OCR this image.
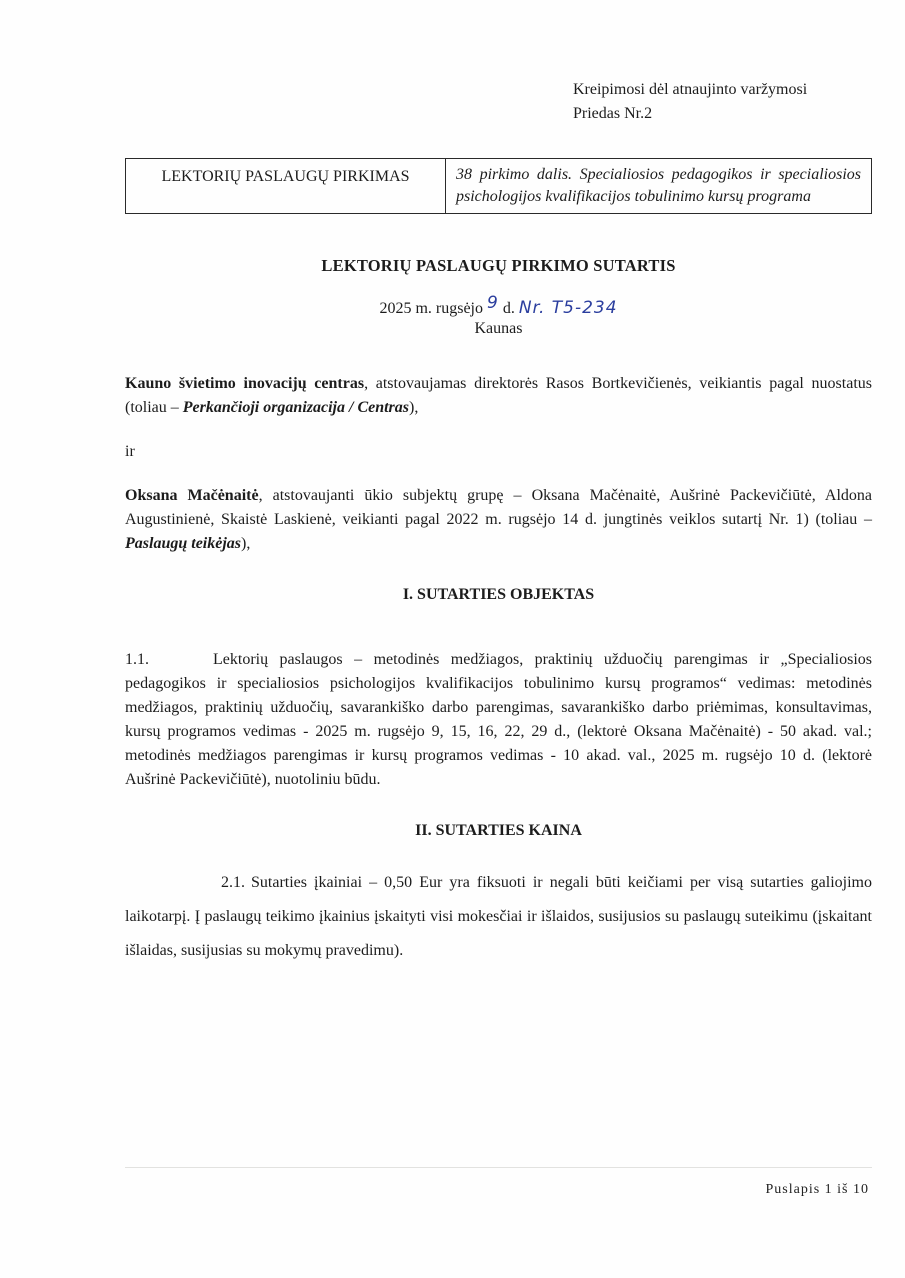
Kreipimosi dėl atnaujinto varžymosi
Priedas Nr.2
LEKTORIŲ PASLAUGŲ PIRKIMAS	38 pirkimo dalis. Specialiosios pedagogikos ir specialiosios psichologijos kvalifikacijos tobulinimo kursų programa
LEKTORIŲ PASLAUGŲ PIRKIMO SUTARTIS
2025 m. rugsėjo 9 d. Nr. T5-234
Kaunas

Kauno švietimo inovacijų centras, atstovaujamas direktorės Rasos Bortkevičienės, veikiantis pagal nuostatus (toliau – Perkančioji organizacija / Centras),

ir

Oksana Mačėnaitė, atstovaujanti ūkio subjektų grupę – Oksana Mačėnaitė, Aušrinė Packevičiūtė, Aldona Augustinienė, Skaistė Laskienė, veikianti pagal 2022 m. rugsėjo 14 d. jungtinės veiklos sutartį Nr. 1) (toliau – Paslaugų teikėjas),

I. SUTARTIES OBJEKTAS

1.1.	Lektorių paslaugos – metodinės medžiagos, praktinių užduočių parengimas ir „Specialiosios pedagogikos ir specialiosios psichologijos kvalifikacijos tobulinimo kursų programos“ vedimas: metodinės medžiagos, praktinių užduočių, savarankiško darbo parengimas, savarankiško darbo priėmimas, konsultavimas, kursų programos vedimas - 2025 m. rugsėjo 9, 15, 16, 22, 29 d., (lektorė Oksana Mačėnaitė) - 50 akad. val.; metodinės medžiagos parengimas ir kursų programos vedimas - 10 akad. val., 2025 m. rugsėjo 10 d. (lektorė Aušrinė Packevičiūtė), nuotoliniu būdu.

II. SUTARTIES KAINA

2.1. Sutarties įkainiai – 0,50 Eur yra fiksuoti ir negali būti keičiami per visą sutarties galiojimo laikotarpį. Į paslaugų teikimo įkainius įskaityti visi mokesčiai ir išlaidos, susijusios su paslaugų suteikimu (įskaitant išlaidas, susijusias su mokymų pravedimu).

Puslapis 1 iš 10
